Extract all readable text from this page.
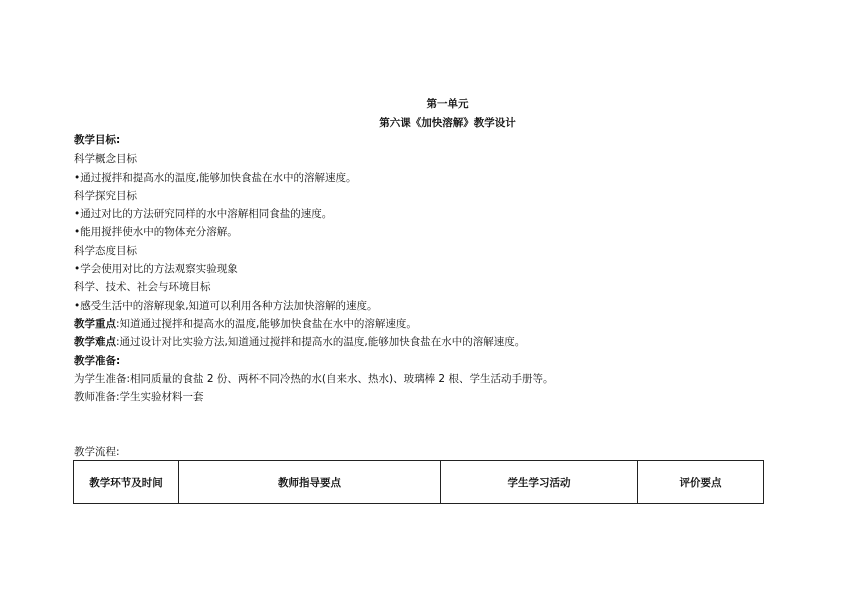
第一单元
第六课《加快溶解》教学设计
教学目标:
科学概念目标
•通过搅拌和提高水的温度,能够加快食盐在水中的溶解速度。
科学探究目标
•通过对比的方法研究同样的水中溶解相同食盐的速度。
•能用搅拌使水中的物体充分溶解。
科学态度目标
•学会使用对比的方法观察实验现象
科学、技术、社会与环境目标
•感受生活中的溶解现象,知道可以利用各种方法加快溶解的速度。
教学重点:知道通过搅拌和提高水的温度,能够加快食盐在水中的溶解速度。
教学难点:通过设计对比实验方法,知道通过搅拌和提高水的温度,能够加快食盐在水中的溶解速度。
教学准备:
为学生准备:相同质量的食盐 2 份、两杯不同冷热的水(自来水、热水)、玻璃棒 2 根、学生活动手册等。
教师准备:学生实验材料一套
教学流程:
教学环节及时间	教师指导要点	学生学习活动	评价要点
